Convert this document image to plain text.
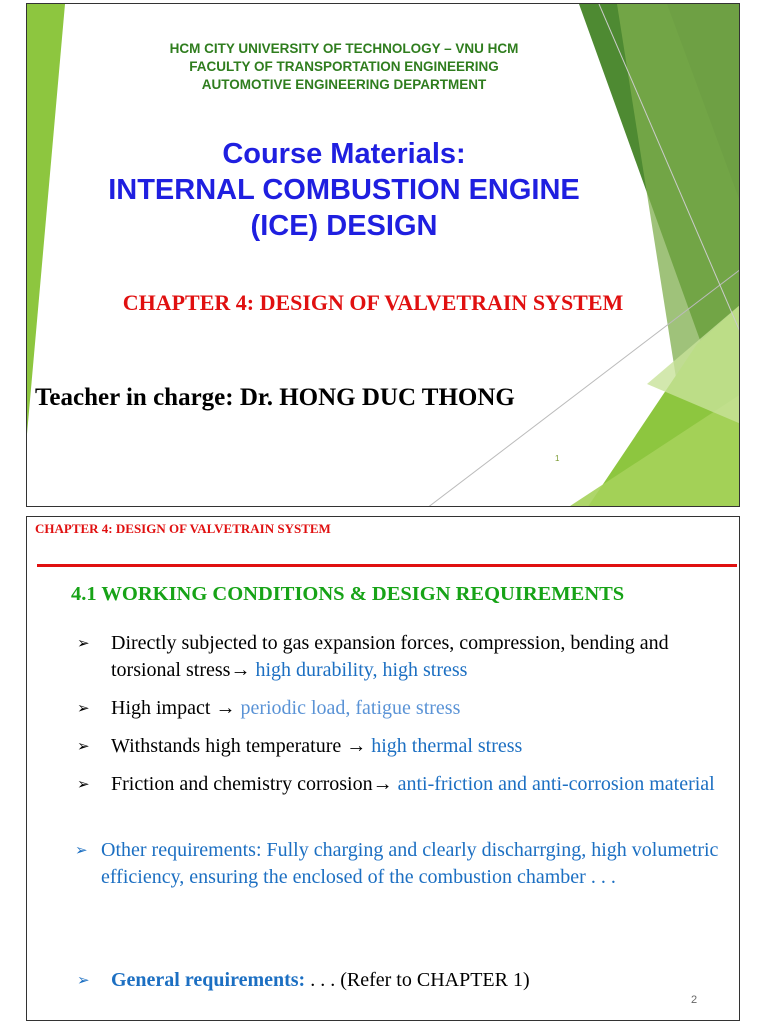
HCM CITY UNIVERSITY OF TECHNOLOGY – VNU HCM
FACULTY OF TRANSPORTATION ENGINEERING
AUTOMOTIVE ENGINEERING DEPARTMENT
Course Materials:
INTERNAL COMBUSTION ENGINE
(ICE) DESIGN
CHAPTER 4: DESIGN OF VALVETRAIN SYSTEM
Teacher in charge: Dr. HONG DUC THONG
1
CHAPTER 4: DESIGN OF VALVETRAIN SYSTEM
4.1 WORKING CONDITIONS & DESIGN REQUIREMENTS
➢	Directly subjected to gas expansion forces, compression, bending and torsional stress→ high durability, high stress
➢	High impact → periodic load, fatigue stress
➢	Withstands high temperature → high thermal stress
➢	Friction and chemistry corrosion→ anti-friction and anti-corrosion material
➢ Other requirements: Fully charging and clearly discharrging, high volumetric efficiency, ensuring the enclosed of the combustion chamber . . .
➢	General requirements: . . . (Refer to CHAPTER 1)
2
